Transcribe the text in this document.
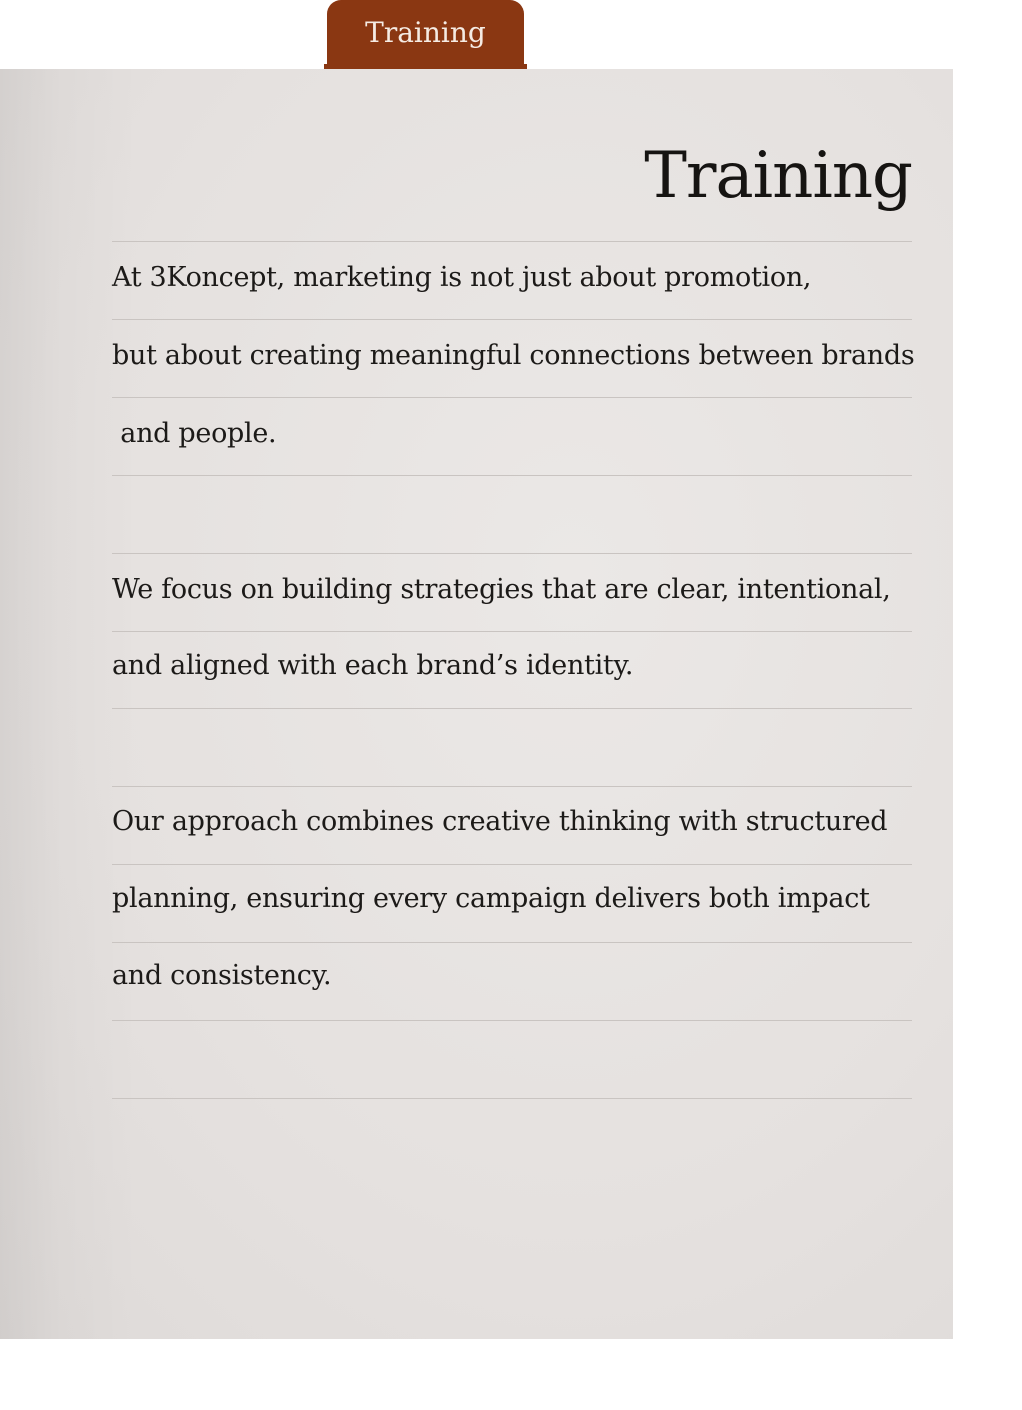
Training
Training
At 3Koncept, marketing is not just about promotion,
but about creating meaningful connections between brands
and people.
We focus on building strategies that are clear, intentional,
and aligned with each brand’s identity.
Our approach combines creative thinking with structured
planning, ensuring every campaign delivers both impact
and consistency.
